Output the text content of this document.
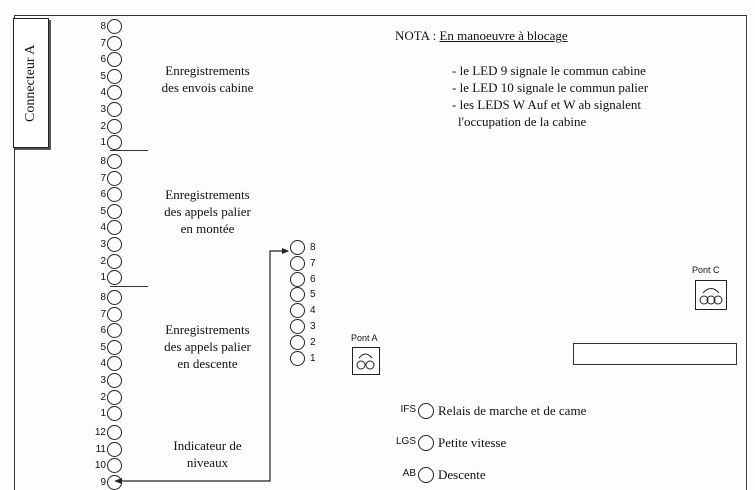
Connecteur A
8
7
6
5
4
3
2
1
8
7
6
5
4
3
2
1
8
7
6
5
4
3
2
1
12
11
10
9
Enregistrements
des envois cabine
Enregistrements
des appels palier
en montée
Enregistrements
des appels palier
en descente
Indicateur de
niveaux
NOTA : En manoeuvre à blocage
- le LED 9 signale le commun cabine
- le LED 10 signale le commun palier
- les LEDS W Auf et W ab signalent
l'occupation de la cabine
8
7
6
5
4
3
2
1
Pont A
Pont C
IFS Relais de marche et de came
LGS Petite vitesse
AB Descente
